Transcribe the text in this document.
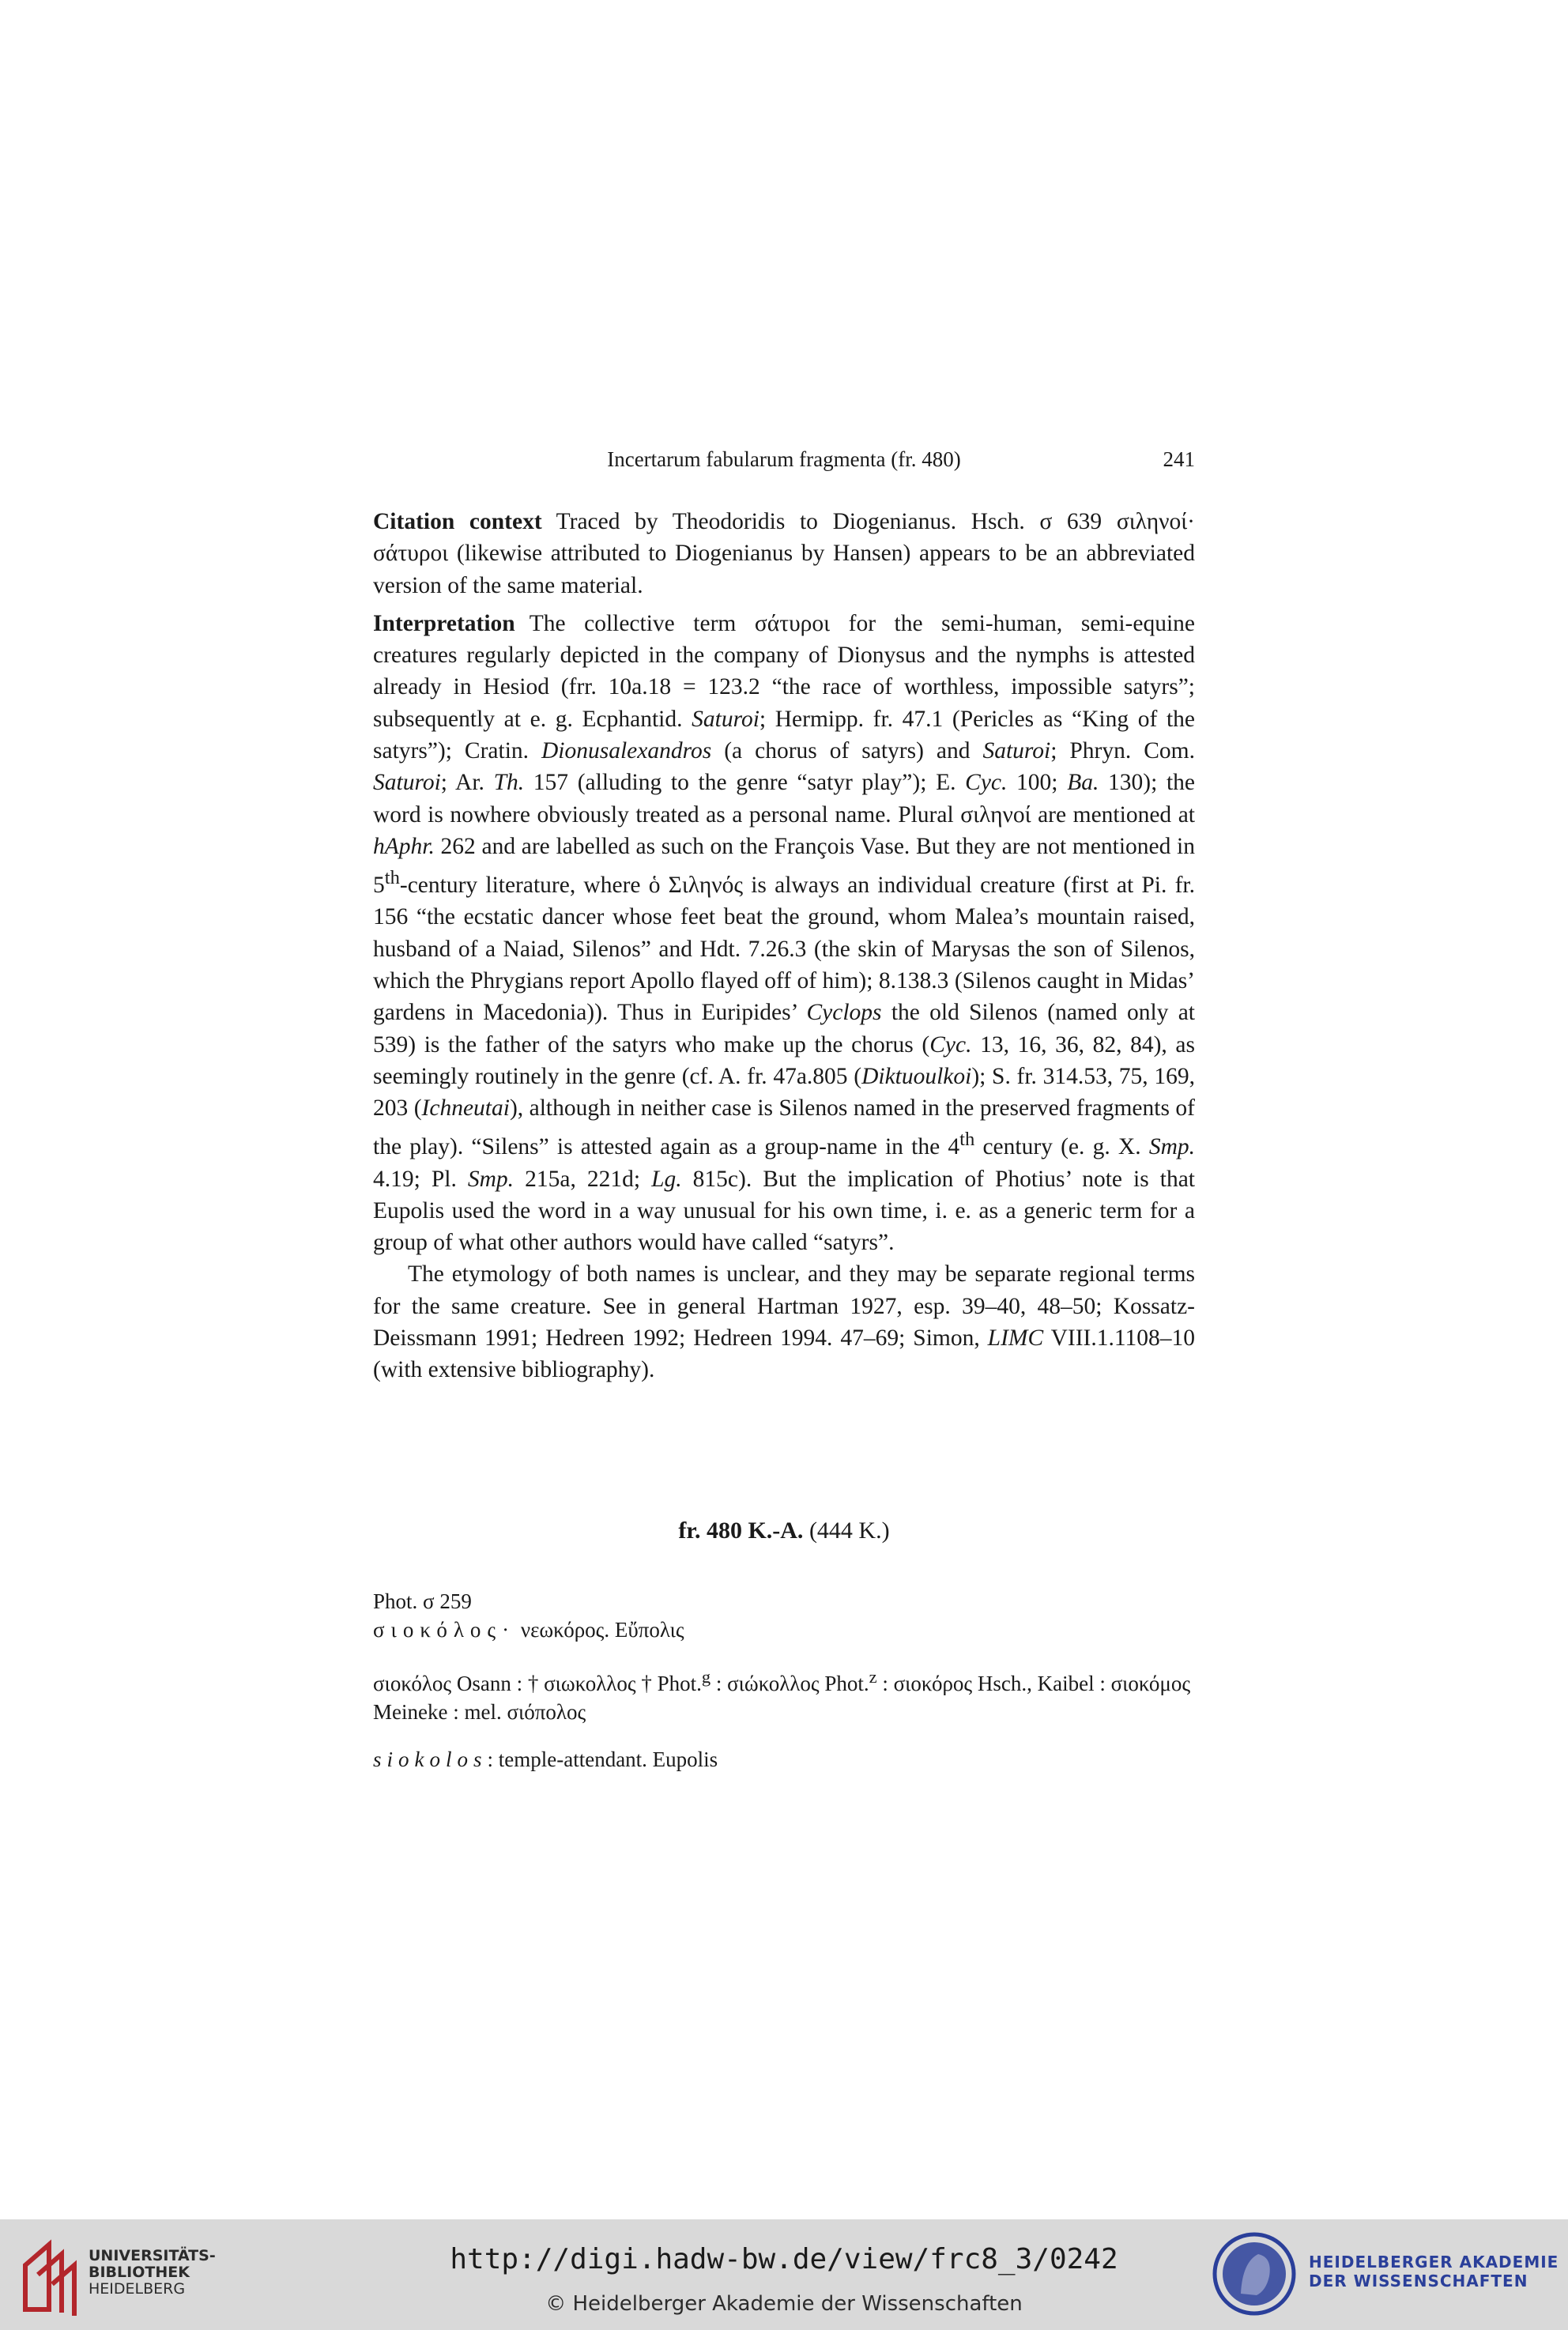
Incertarum fabularum fragmenta (fr. 480)	241

Citation context Traced by Theodoridis to Diogenianus. Hsch. σ 639 σιληνοί· σάτυροι (likewise attributed to Diogenianus by Hansen) appears to be an abbreviated version of the same material.

Interpretation The collective term σάτυροι for the semi-human, semi-equine creatures regularly depicted in the company of Dionysus and the nymphs is attested already in Hesiod (frr. 10a.18 = 123.2 “the race of worthless, impossible satyrs”; subsequently at e. g. Ecphantid. Saturoi; Hermipp. fr. 47.1 (Pericles as “King of the satyrs”); Cratin. Dionusalexandros (a chorus of satyrs) and Saturoi; Phryn. Com. Saturoi; Ar. Th. 157 (alluding to the genre “satyr play”); E. Cyc. 100; Ba. 130); the word is nowhere obviously treated as a personal name. Plural σιληνοί are mentioned at hAphr. 262 and are labelled as such on the François Vase. But they are not mentioned in 5th-century literature, where ὁ Σιληνός is always an individual creature (first at Pi. fr. 156 “the ecstatic dancer whose feet beat the ground, whom Malea’s mountain raised, husband of a Naiad, Silenos” and Hdt. 7.26.3 (the skin of Marysas the son of Silenos, which the Phrygians report Apollo flayed off of him); 8.138.3 (Silenos caught in Midas’ gardens in Macedonia)). Thus in Euripides’ Cyclops the old Silenos (named only at 539) is the father of the satyrs who make up the chorus (Cyc. 13, 16, 36, 82, 84), as seemingly routinely in the genre (cf. A. fr. 47a.805 (Diktuoulkoi); S. fr. 314.53, 75, 169, 203 (Ichneutai), although in neither case is Silenos named in the preserved fragments of the play). “Silens” is attested again as a group-name in the 4th century (e. g. X. Smp. 4.19; Pl. Smp. 215a, 221d; Lg. 815c). But the implication of Photius’ note is that Eupolis used the word in a way unusual for his own time, i. e. as a generic term for a group of what other authors would have called “satyrs”.

The etymology of both names is unclear, and they may be separate regional terms for the same creature. See in general Hartman 1927, esp. 39–40, 48–50; Kossatz-Deissmann 1991; Hedreen 1992; Hedreen 1994. 47–69; Simon, LIMC VIII.1.1108–10 (with extensive bibliography).

fr. 480 K.-A. (444 K.)
Phot. σ 259
σιοκόλος· νεωκόρος. Εὔπολις
σιοκόλος Osann : † σιωκολλος † Phot.$^g$ : σιώκολλος Phot.$^z$ : σιοκόρος Hsch., Kaibel : σιοκόμος Meineke : mel. σιόπολος
siokolos: temple-attendant. Eupolis
UNIVERSITÄTS-
BIBLIOTHEK
HEIDELBERG
http://digi.hadw-bw.de/view/frc8_3/0242
© Heidelberger Akademie der Wissenschaften
HEIDELBERGER AKADEMIE
DER WISSENSCHAFTEN
